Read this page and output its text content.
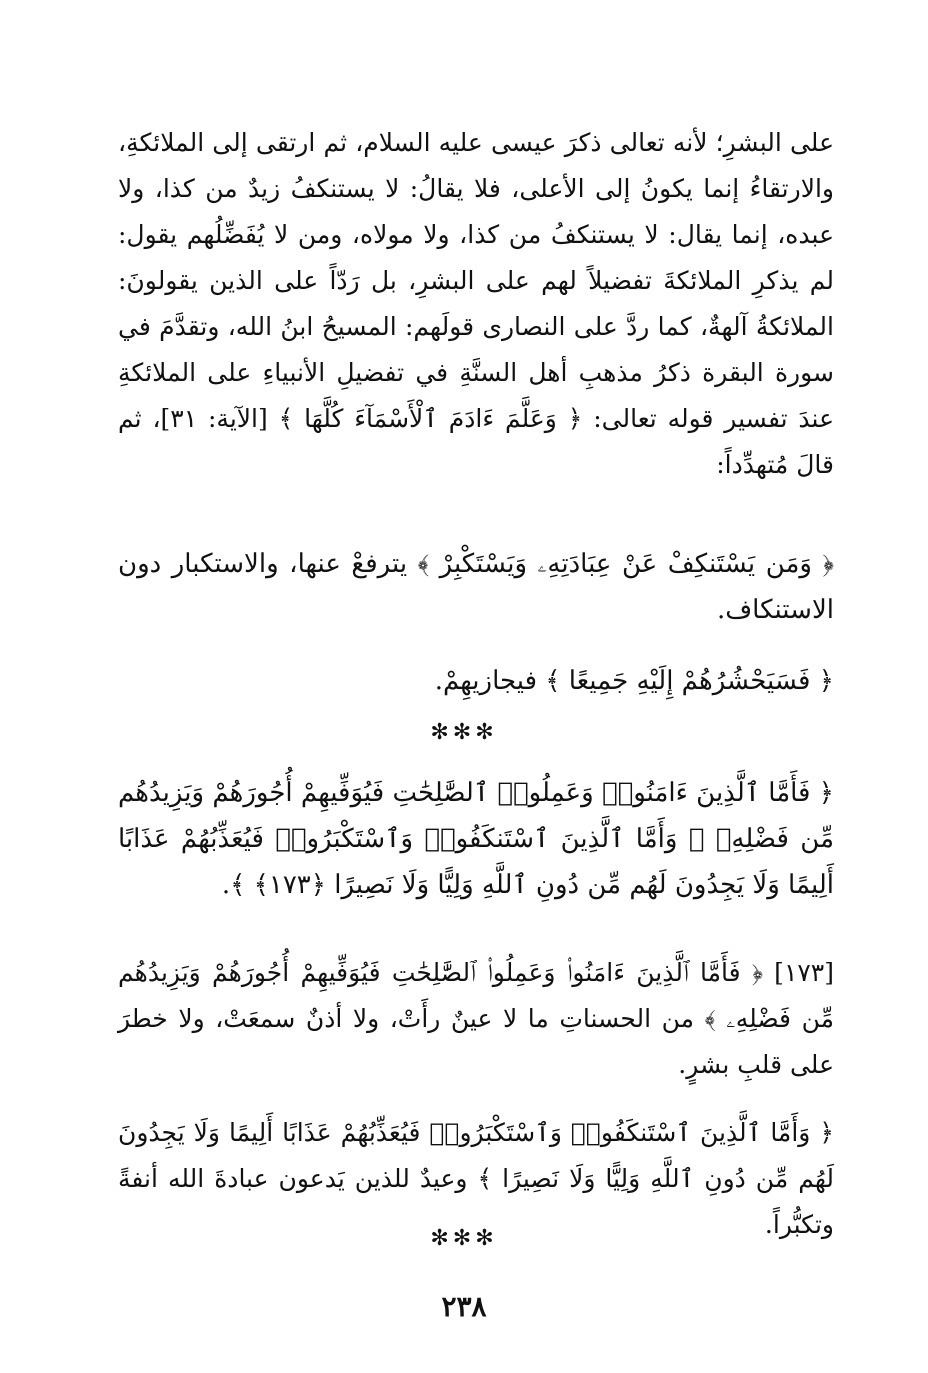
على البشرِ؛ لأنه تعالى ذكرَ عيسى عليه السلام، ثم ارتقى إلى الملائكةِ، والارتقاءُ إنما يكونُ إلى الأعلى، فلا يقالُ: لا يستنكفُ زيدٌ من كذا، ولا عبده، إنما يقال: لا يستنكفُ من كذا، ولا مولاه، ومن لا يُفَضِّلُهم يقول: لم يذكرِ الملائكةَ تفضيلاً لهم على البشرِ، بل رَدّاً على الذين يقولونَ: الملائكةُ آلهةٌ، كما ردَّ على النصارى قولَهم: المسيحُ ابنُ الله، وتقدَّمَ في سورة البقرة ذكرُ مذهبِ أهل السنَّةِ في تفضيلِ الأنبياءِ على الملائكةِ عندَ تفسير قوله تعالى: ﴿ وَعَلَّمَ ءَادَمَ ٱلْأَسْمَآءَ كُلَّهَا ﴾ [الآية: ٣١]، ثم قالَ مُتهدِّداً:

﴿ وَمَن يَسْتَنكِفْ عَنْ عِبَادَتِهِۦ وَيَسْتَكْبِرْ ﴾ يترفعْ عنها، والاستكبار دون الاستنكاف.

﴿ فَسَيَحْشُرُهُمْ إِلَيْهِ جَمِيعًا ﴾ فيجازيهِمْ.

✻✻✻

﴿ فَأَمَّا ٱلَّذِينَ ءَامَنُوا۟ وَعَمِلُوا۟ ٱلصَّٰلِحَٰتِ فَيُوَفِّيهِمْ أُجُورَهُمْ وَيَزِيدُهُم مِّن فَضْلِهِۦ ۖ وَأَمَّا ٱلَّذِينَ ٱسْتَنكَفُوا۟ وَٱسْتَكْبَرُوا۟ فَيُعَذِّبُهُمْ عَذَابًا أَلِيمًا وَلَا يَجِدُونَ لَهُم مِّن دُونِ ٱللَّهِ وَلِيًّا وَلَا نَصِيرًا ﴿١٧٣﴾ ﴾.

[١٧٣] ﴿ فَأَمَّا ٱلَّذِينَ ءَامَنُوا۟ وَعَمِلُوا۟ ٱلصَّٰلِحَٰتِ فَيُوَفِّيهِمْ أُجُورَهُمْ وَيَزِيدُهُم مِّن فَضْلِهِۦ ﴾ من الحسناتِ ما لا عينٌ رأَتْ، ولا أذنٌ سمعَتْ، ولا خطرَ على قلبِ بشرٍ.

﴿ وَأَمَّا ٱلَّذِينَ ٱسْتَنكَفُوا۟ وَٱسْتَكْبَرُوا۟ فَيُعَذِّبُهُمْ عَذَابًا أَلِيمًا وَلَا يَجِدُونَ لَهُم مِّن دُونِ ٱللَّهِ وَلِيًّا وَلَا نَصِيرًا ﴾ وعيدٌ للذين يَدعون عبادةَ الله أنفةً وتكبُّراً.

✻✻✻
٢٣٨
